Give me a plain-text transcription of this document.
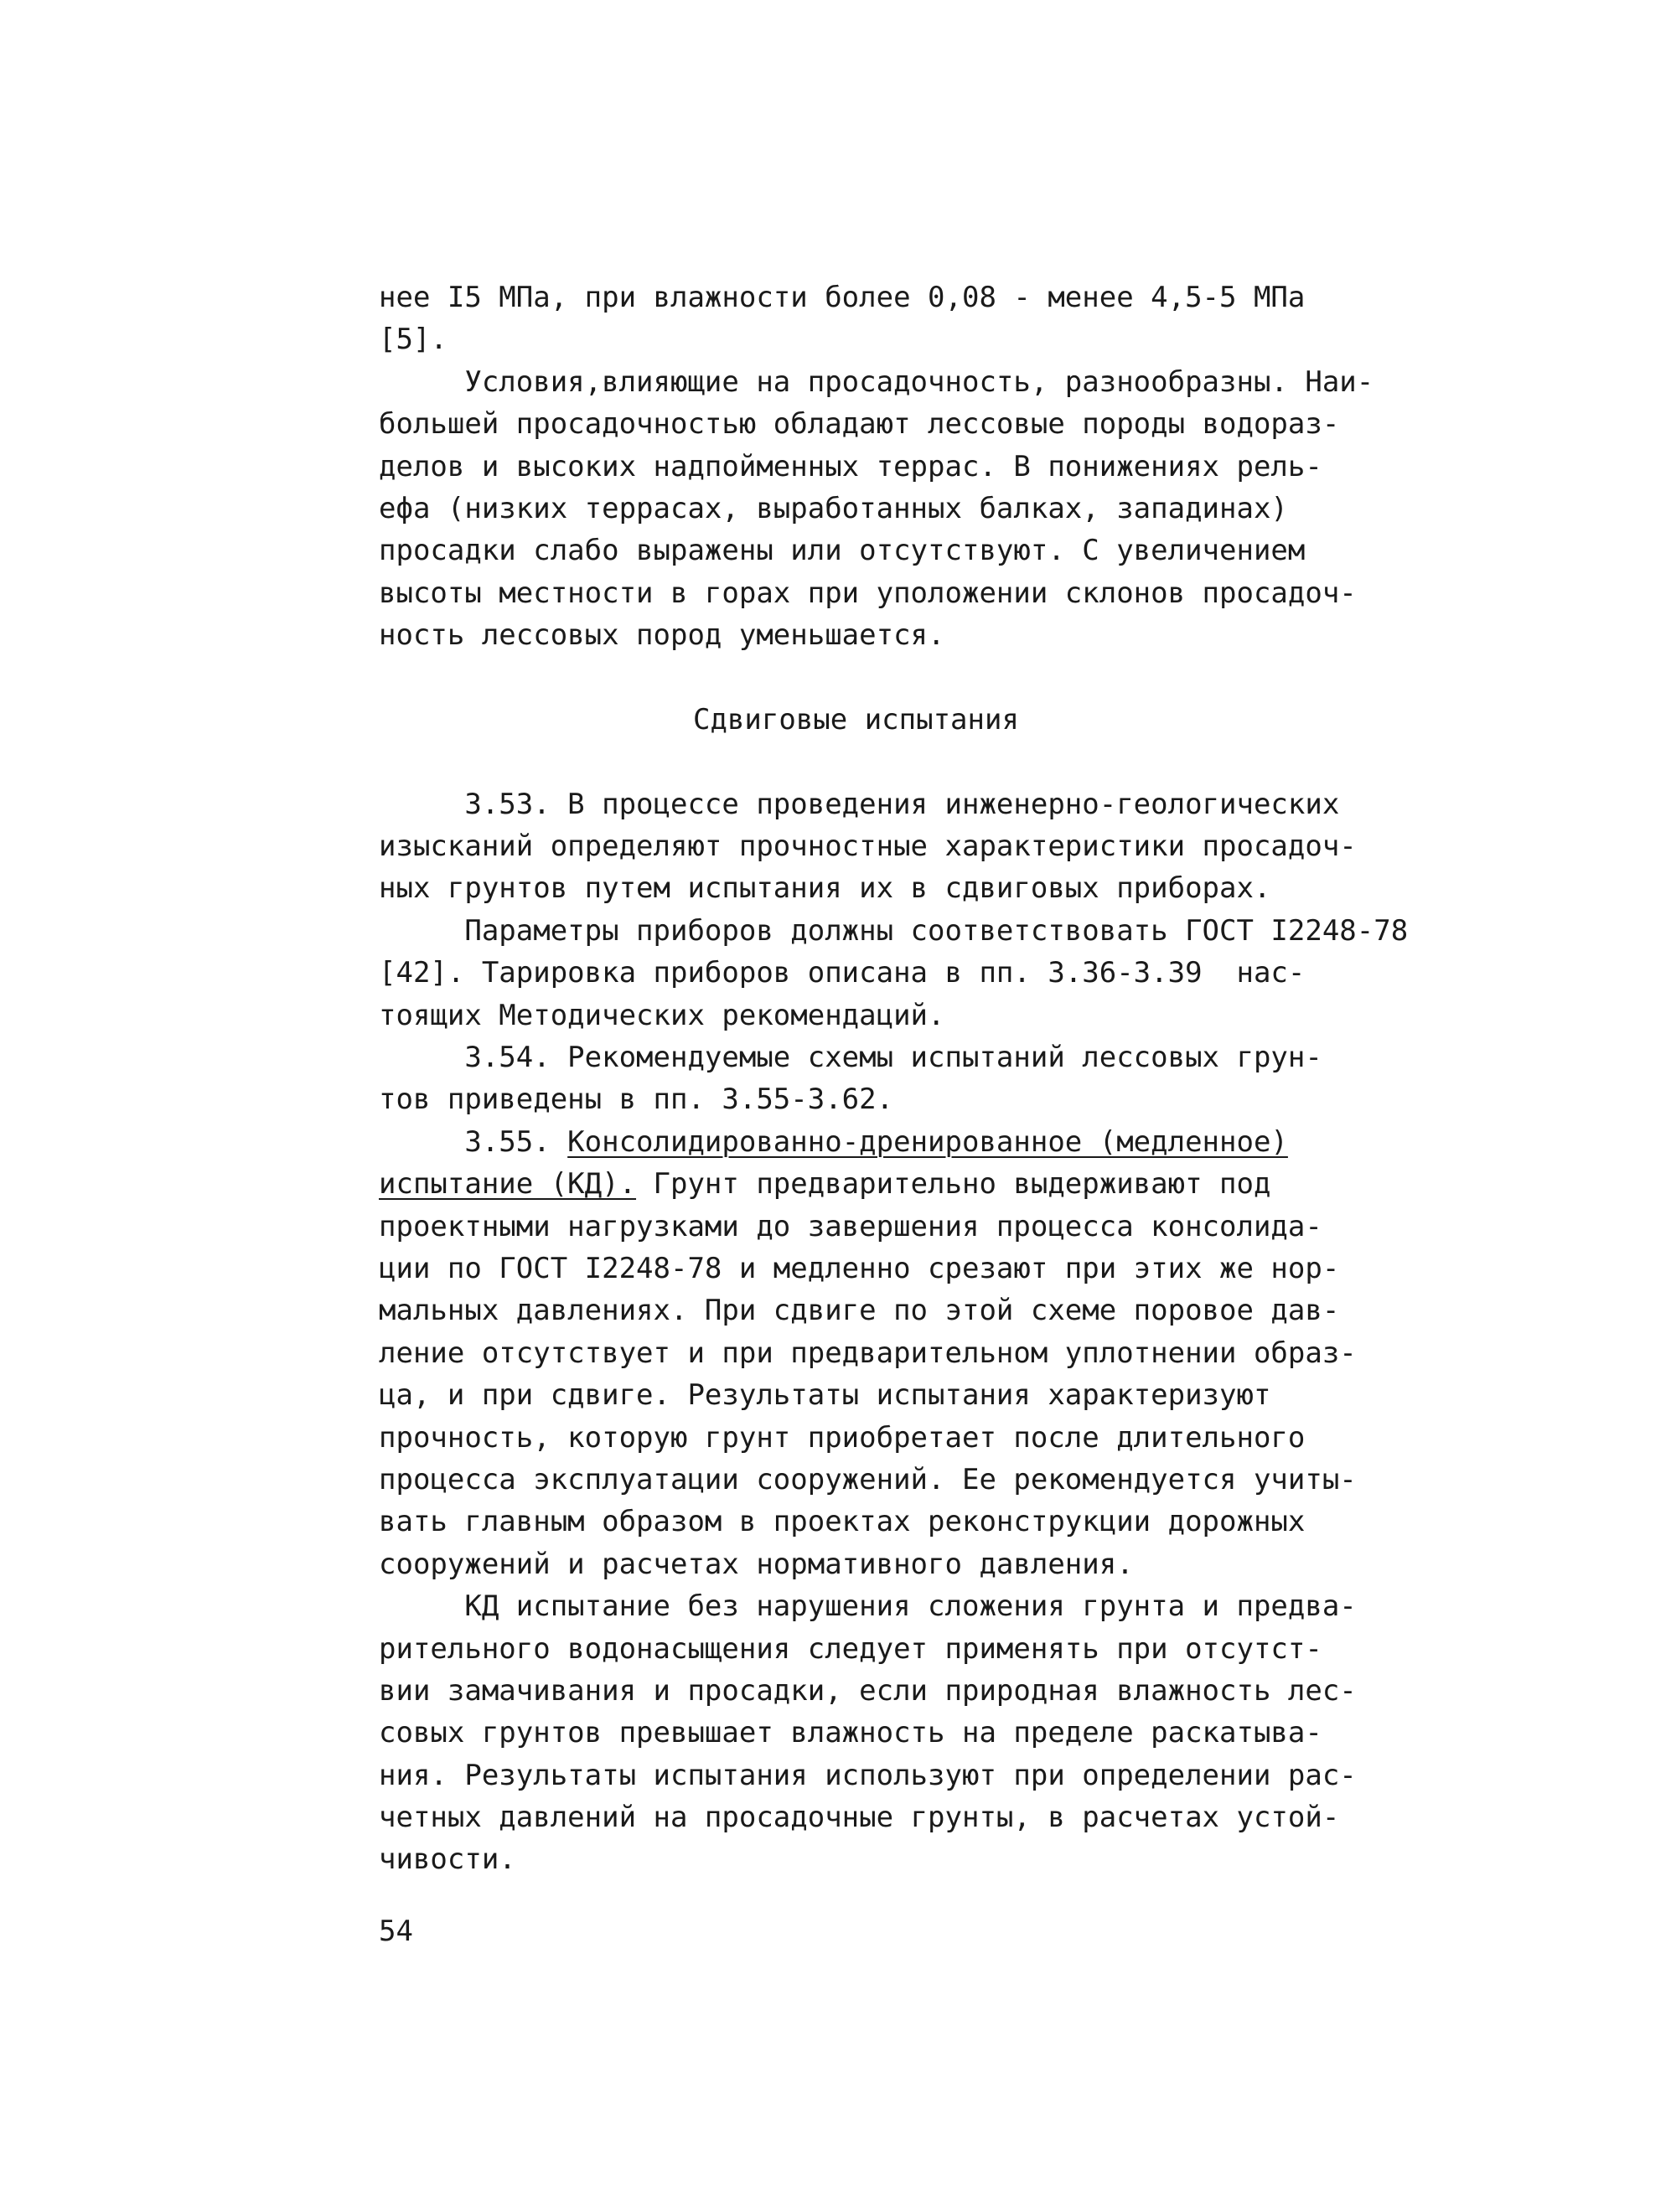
нее I5 МПа, при влажности более 0,08 - менее 4,5-5 МПа
[5].
Условия,влияющие на просадочность, разнообразны. Наи-
большей просадочностью обладают лессовые породы водораз-
делов и высоких надпойменных террас. В понижениях рель-
ефа (низких террасах, выработанных балках, западинах)
просадки слабо выражены или отсутствуют. С увеличением
высоты местности в горах при уположении склонов просадоч-
ность лессовых пород уменьшается.
Сдвиговые испытания
3.53. В процессе проведения инженерно-геологических
изысканий определяют прочностные характеристики просадоч-
ных грунтов путем испытания их в сдвиговых приборах.
Параметры приборов должны соответствовать ГОСТ I2248-78
[42]. Тарировка приборов описана в пп. 3.36-3.39  нас-
тоящих Методических рекомендаций.
3.54. Рекомендуемые схемы испытаний лессовых грун-
тов приведены в пп. 3.55-3.62.
3.55. Консолидированно-дренированное (медленное)
испытание (КД). Грунт предварительно выдерживают под
проектными нагрузками до завершения процесса консолида-
ции по ГОСТ I2248-78 и медленно срезают при этих же нор-
мальных давлениях. При сдвиге по этой схеме поровое дав-
ление отсутствует и при предварительном уплотнении образ-
ца, и при сдвиге. Результаты испытания характеризуют
прочность, которую грунт приобретает после длительного
процесса эксплуатации сооружений. Ее рекомендуется учиты-
вать главным образом в проектах реконструкции дорожных
сооружений и расчетах нормативного давления.
КД испытание без нарушения сложения грунта и предва-
рительного водонасыщения следует применять при отсутст-
вии замачивания и просадки, если природная влажность лес-
совых грунтов превышает влажность на пределе раскатыва-
ния. Результаты испытания используют при определении рас-
четных давлений на просадочные грунты, в расчетах устой-
чивости.
54
